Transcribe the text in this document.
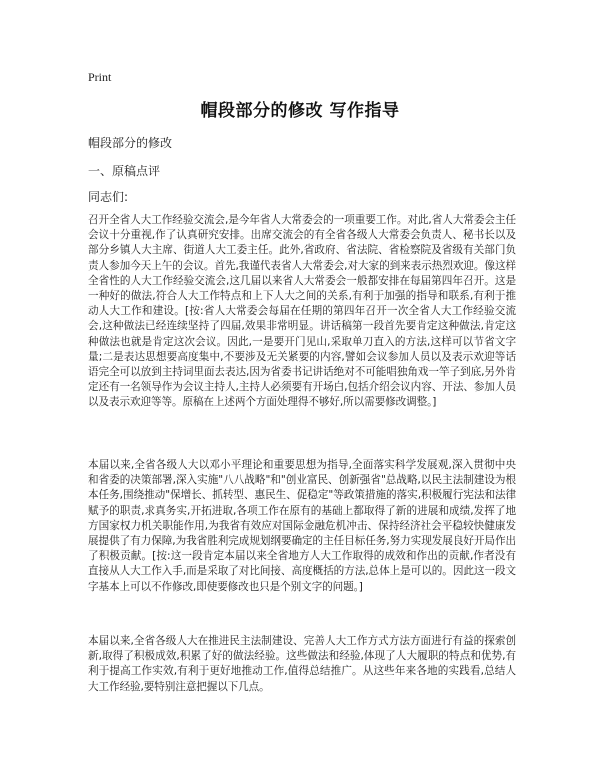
Print
帽段部分的修改 写作指导
帽段部分的修改
一、原稿点评
同志们:
召开全省人大工作经验交流会,是今年省人大常委会的一项重要工作。对此,省人大常委会主任会议十分重视,作了认真研究安排。出席交流会的有全省各级人大常委会负责人、秘书长以及部分乡镇人大主席、街道人大工委主任。此外,省政府、省法院、省检察院及省级有关部门负责人参加今天上午的会议。首先,我谨代表省人大常委会,对大家的到来表示热烈欢迎。像这样全省性的人大工作经验交流会,这几届以来省人大常委会一般都安排在每届第四年召开。这是一种好的做法,符合人大工作特点和上下人大之间的关系,有利于加强的指导和联系,有利于推动人大工作和建设。[按:省人大常委会每届在任期的第四年召开一次全省人大工作经验交流会,这种做法已经连续坚持了四届,效果非常明显。讲话稿第一段首先要肯定这种做法,肯定这种做法也就是肯定这次会议。因此,一是要开门见山,采取单刀直入的方法,这样可以节省文字量;二是表达思想要高度集中,不要涉及无关紧要的内容,譬如会议参加人员以及表示欢迎等话语完全可以放到主持词里面去表达,因为省委书记讲话绝对不可能唱独角戏一竿子到底,另外肯定还有一名领导作为会议主持人,主持人必须要有开场白,包括介绍会议内容、开法、参加人员以及表示欢迎等等。原稿在上述两个方面处理得不够好,所以需要修改调整。]
本届以来,全省各级人大以邓小平理论和重要思想为指导,全面落实科学发展观,深入贯彻中央和省委的决策部署,深入实施"八八战略"和"创业富民、创新强省"总战略,以民主法制建设为根本任务,围绕推动"保增长、抓转型、惠民生、促稳定"等政策措施的落实,积极履行宪法和法律赋予的职责,求真务实,开拓进取,各项工作在原有的基础上都取得了新的进展和成绩,发挥了地方国家权力机关职能作用,为我省有效应对国际金融危机冲击、保持经济社会平稳较快健康发展提供了有力保障,为我省胜利完成规划纲要确定的主任目标任务,努力实现发展良好开局作出了积极贡献。[按:这一段肯定本届以来全省地方人大工作取得的成效和作出的贡献,作者没有直接从人大工作入手,而是采取了对比间接、高度概括的方法,总体上是可以的。因此这一段文字基本上可以不作修改,即使要修改也只是个别文字的问题。]
本届以来,全省各级人大在推进民主法制建设、完善人大工作方式方法方面进行有益的探索创新,取得了积极成效,积累了好的做法经验。这些做法和经验,体现了人大履职的特点和优势,有利于提高工作实效,有利于更好地推动工作,值得总结推广。从这些年来各地的实践看,总结人大工作经验,要特别注意把握以下几点。
